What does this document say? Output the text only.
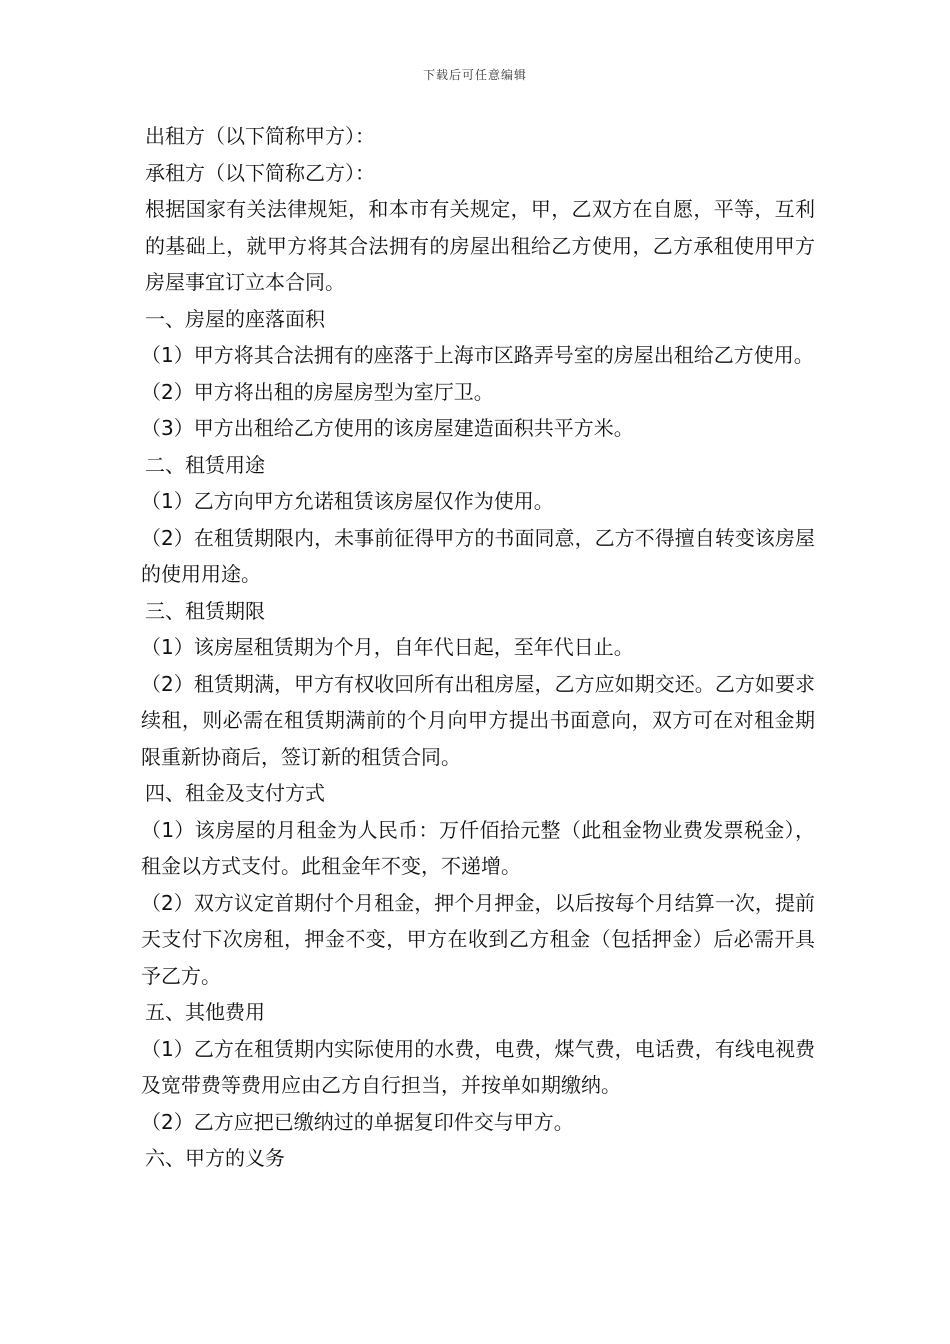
下载后可任意编辑

出租方（以下简称甲方）：

承租方（以下简称乙方）：

根据国家有关法律规矩，和本市有关规定，甲，乙双方在自愿，平等，互利的基础上，就甲方将其合法拥有的房屋出租给乙方使用，乙方承租使用甲方房屋事宜订立本合同。

一、房屋的座落面积

（1）甲方将其合法拥有的座落于上海市区路弄号室的房屋出租给乙方使用。

（2）甲方将出租的房屋房型为室厅卫。

（3）甲方出租给乙方使用的该房屋建造面积共平方米。

二、租赁用途

（1）乙方向甲方允诺租赁该房屋仅作为使用。

（2）在租赁期限内，未事前征得甲方的书面同意，乙方不得擅自转变该房屋的使用用途。

三、租赁期限

（1）该房屋租赁期为个月，自年代日起，至年代日止。

（2）租赁期满，甲方有权收回所有出租房屋，乙方应如期交还。乙方如要求续租，则必需在租赁期满前的个月向甲方提出书面意向，双方可在对租金期限重新协商后，签订新的租赁合同。

四、租金及支付方式

（1）该房屋的月租金为人民币：万仟佰拾元整（此租金物业费发票税金），租金以方式支付。此租金年不变，不递增。

（2）双方议定首期付个月租金，押个月押金，以后按每个月结算一次，提前天支付下次房租，押金不变，甲方在收到乙方租金（包括押金）后必需开具予乙方。

五、其他费用

（1）乙方在租赁期内实际使用的水费，电费，煤气费，电话费，有线电视费及宽带费等费用应由乙方自行担当，并按单如期缴纳。

（2）乙方应把已缴纳过的单据复印件交与甲方。

六、甲方的义务
